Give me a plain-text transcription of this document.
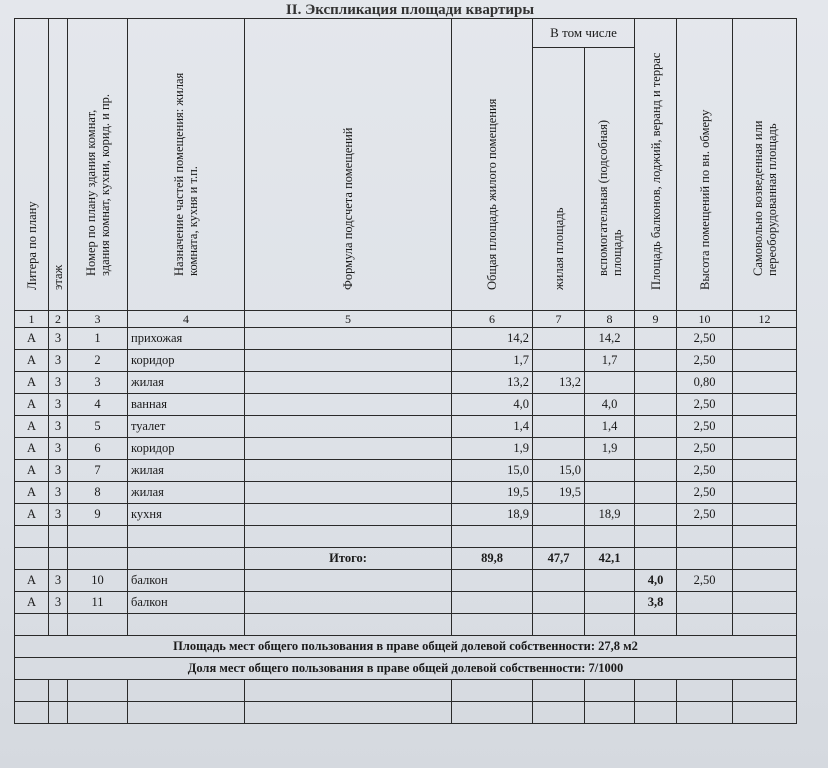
II. Экспликация площади квартиры
Литера по плану	этаж	Номер по плану здания комнат, здания комнат, кухни, корид. и пр.	Назначение частей помещения: жилая комната, кухня и т.п.	Формула подсчета помещений	Общая площадь жилого помещения	В том числе		Площадь балконов, лоджий, веранд и террас	Высота помещений по вн. обмеру	Самовольно возведенная или переоборудованная площадь

						жилая площадь	вспомогательная (подсобная) площадь			

1	2	3	4	5	6	7	8	9	10	12
А	3	1	прихожая		14,2		14,2		2,50	
А	3	2	коридор		1,7		1,7		2,50	
А	3	3	жилая		13,2	13,2			0,80	
А	3	4	ванная		4,0		4,0		2,50	
А	3	5	туалет		1,4		1,4		2,50	
А	3	6	коридор		1,9		1,9		2,50	
А	3	7	жилая		15,0	15,0			2,50	
А	3	8	жилая		19,5	19,5			2,50	
А	3	9	кухня		18,9		18,9		2,50	

				Итого:	89,8	47,7	42,1			
А	3	10	балкон					4,0	2,50	
А	3	11	балкон					3,8		

Площадь мест общего пользования в праве общей долевой собственности: 27,8 м2										
Доля мест общего пользования в праве общей долевой собственности: 7/1000										
